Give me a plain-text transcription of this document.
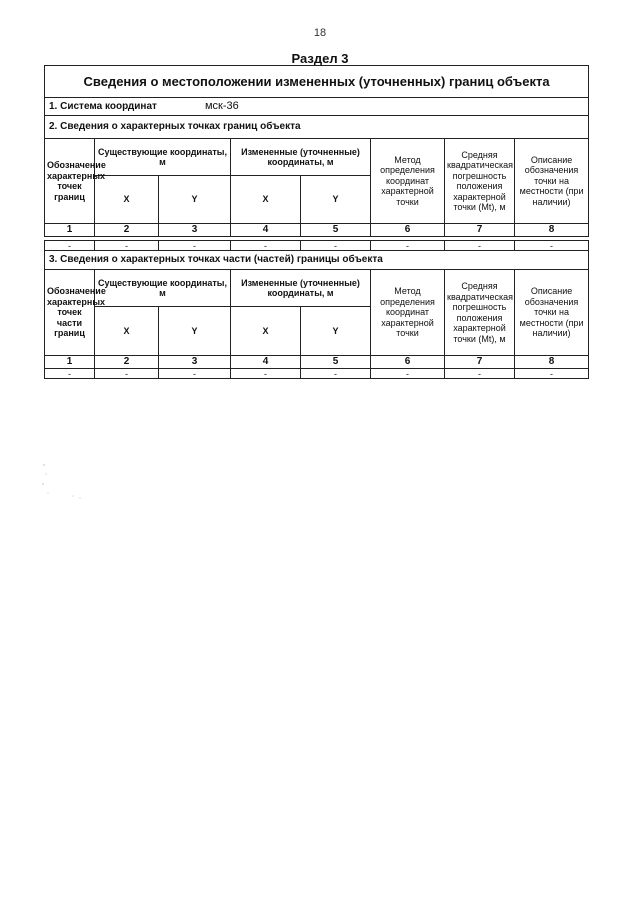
18
Раздел 3
Сведения о местоположении измененных (уточненных) границ объекта							
1. Система координат мск-36							
2. Сведения о характерных точках границ объекта							
Обозначение характерных точек границ	Существующие координаты, м		Измененные (уточненные) координаты, м		Метод определения координат характерной точки	Средняя квадратическая погрешность положения характерной точки (Mt), м	Описание обозначения точки на местности (при наличии)
	X	Y	X	Y			
1	2	3	4	5	6	7	8

-	-	-	-	-	-	-	-
3. Сведения о характерных точках части (частей) границы объекта							
Обозначение характерных точек части границ	Существующие координаты, м		Измененные (уточненные) координаты, м		Метод определения координат характерной точки	Средняя квадратическая погрешность положения характерной точки (Mt), м	Описание обозначения точки на местности (при наличии)
	X	Y	X	Y			
1	2	3	4	5	6	7	8
-	-	-	-	-	-	-	-
